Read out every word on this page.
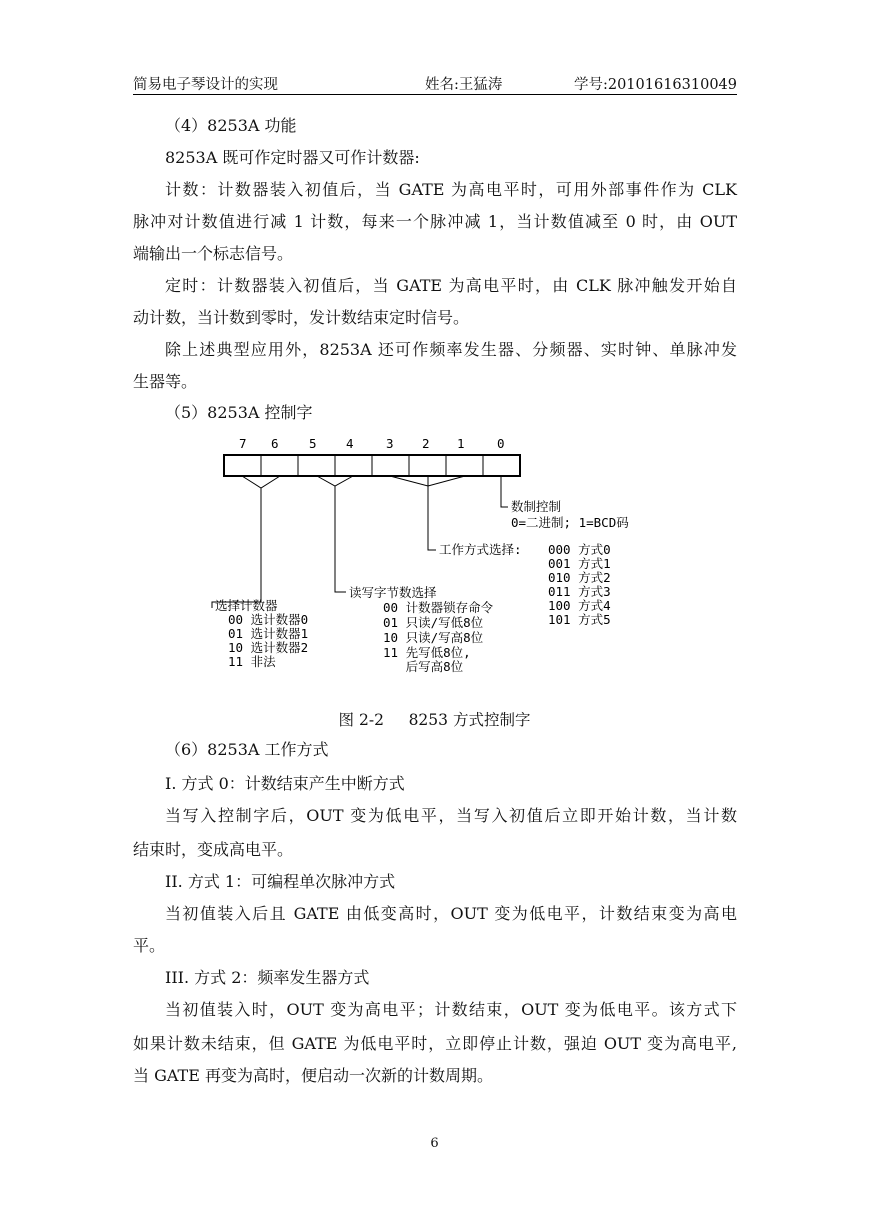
简易电子琴设计的实现	姓名:王猛涛	学号:20101616310049
（4）8253A 功能
8253A 既可作定时器又可作计数器:
计数：计数器装入初值后，当 GATE 为高电平时，可用外部事件作为 CLK
脉冲对计数值进行减 1 计数，每来一个脉冲减 1，当计数值减至 0 时，由 OUT
端输出一个标志信号。
定时：计数器装入初值后，当 GATE 为高电平时，由 CLK 脉冲触发开始自
动计数，当计数到零时，发计数结束定时信号。
除上述典型应用外，8253A 还可作频率发生器、分频器、实时钟、单脉冲发
生器等。
（5）8253A 控制字
7 6 5 4	3 2 1	0
数制控制
0=二进制; 1=BCD码
工作方式选择: 000 方式0
001 方式1
010 方式2
011 方式3
100 方式4
101 方式5
读写字节数选择
00 计数器锁存命令
01 只读/写低8位
10 只读/写高8位
11 先写低8位,
后写高8位
选择计数器
00 选计数器0
01 选计数器1
10 选计数器2
11 非法
图 2-2     8253 方式控制字
（6）8253A 工作方式
I. 方式 0：计数结束产生中断方式
当写入控制字后，OUT 变为低电平，当写入初值后立即开始计数，当计数
结束时，变成高电平。
II. 方式 1：可编程单次脉冲方式
当初值装入后且 GATE 由低变高时，OUT 变为低电平，计数结束变为高电
平。
III. 方式 2：频率发生器方式
当初值装入时，OUT 变为高电平；计数结束，OUT 变为低电平。该方式下
如果计数未结束，但 GATE 为低电平时，立即停止计数，强迫 OUT 变为高电平,
当 GATE 再变为高时，便启动一次新的计数周期。
6
